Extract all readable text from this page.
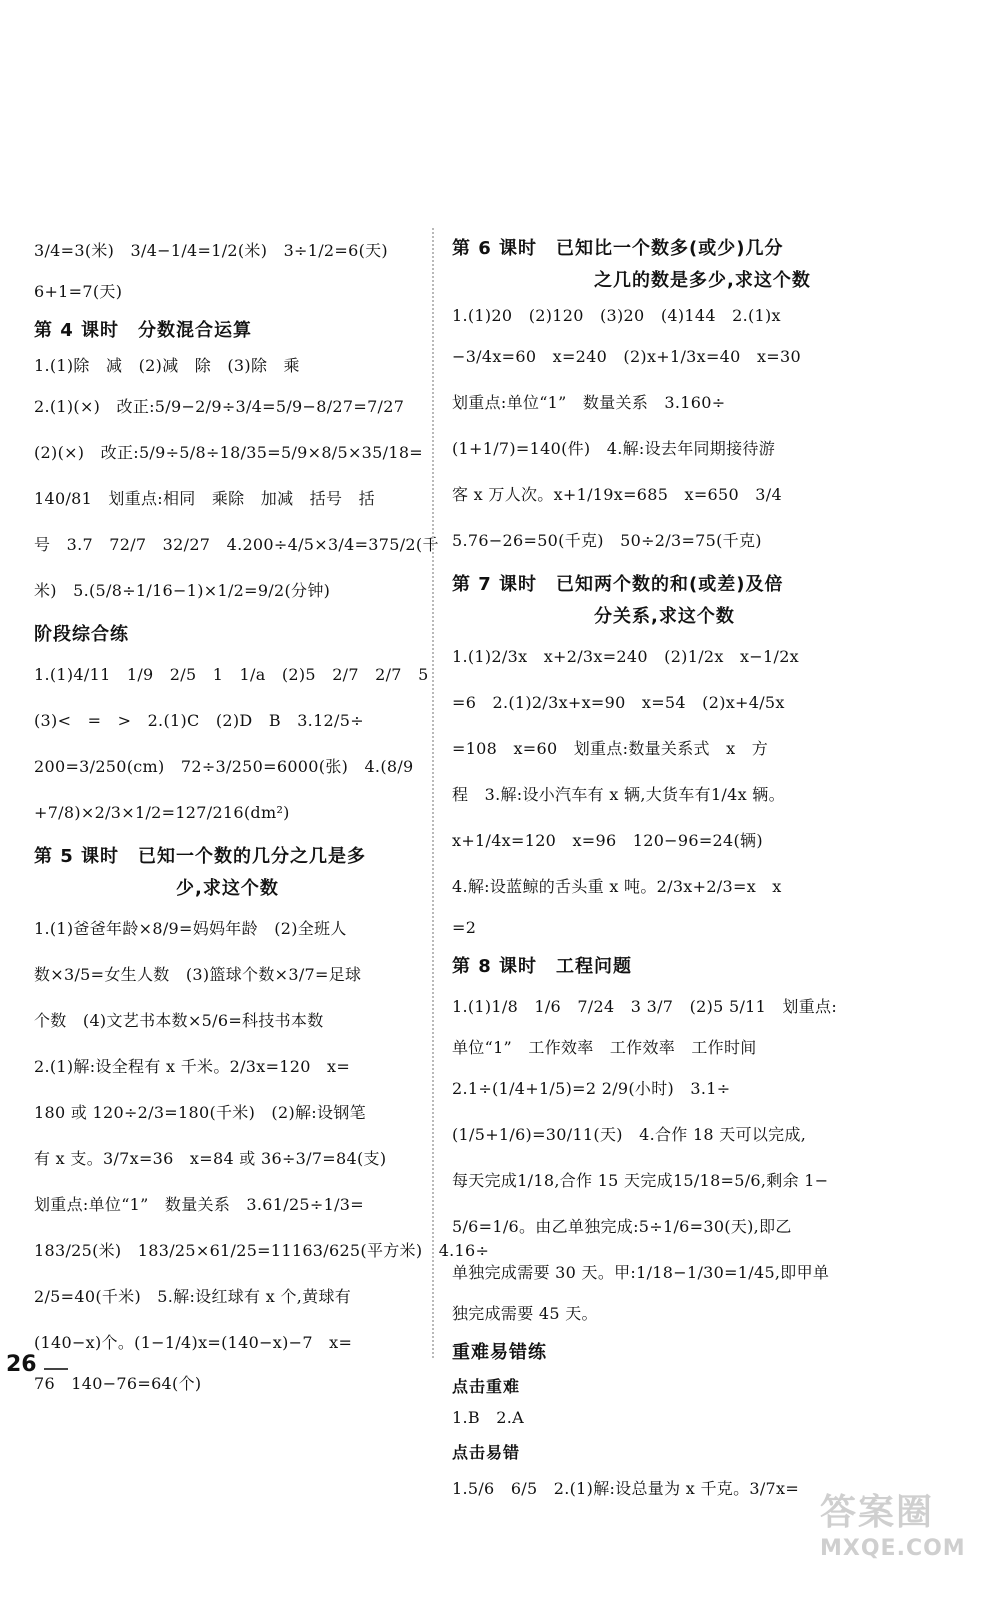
3/4=3(米)　3/4−1/4=1/2(米)　3÷1/2=6(天)
6+1=7(天)
第 4 课时　分数混合运算
1.(1)除　减　(2)减　除　(3)除　乘
2.(1)(×)　改正:5/9−2/9÷3/4=5/9−8/27=7/27
(2)(×)　改正:5/9÷5/8÷18/35=5/9×8/5×35/18=
140/81　划重点:相同　乘除　加减　括号　括
号　3.7　72/7　32/27　4.200÷4/5×3/4=375/2(千
米)　5.(5/8÷1/16−1)×1/2=9/2(分钟)
阶段综合练
1.(1)4/11　1/9　2/5　1　1/a　(2)5　2/7　2/7　5
(3)<　=　>　2.(1)C　(2)D　B　3.12/5÷
200=3/250(cm)　72÷3/250=6000(张)　4.(8/9
+7/8)×2/3×1/2=127/216(dm²)
第 5 课时　已知一个数的几分之几是多
少,求这个数
1.(1)爸爸年龄×8/9=妈妈年龄　(2)全班人
数×3/5=女生人数　(3)篮球个数×3/7=足球
个数　(4)文艺书本数×5/6=科技书本数
2.(1)解:设全程有 x 千米。2/3x=120　x=
180 或 120÷2/3=180(千米)　(2)解:设钢笔
有 x 支。3/7x=36　x=84 或 36÷3/7=84(支)
划重点:单位“1”　数量关系　3.61/25÷1/3=
183/25(米)　183/25×61/25=11163/625(平方米)　4.16÷
2/5=40(千米)　5.解:设红球有 x 个,黄球有
(140−x)个。(1−1/4)x=(140−x)−7　x=
76　140−76=64(个)
第 6 课时　已知比一个数多(或少)几分
之几的数是多少,求这个数
1.(1)20　(2)120　(3)20　(4)144　2.(1)x
−3/4x=60　x=240　(2)x+1/3x=40　x=30
划重点:单位“1”　数量关系　3.160÷
(1+1/7)=140(件)　4.解:设去年同期接待游
客 x 万人次。x+1/19x=685　x=650　3/4
5.76−26=50(千克)　50÷2/3=75(千克)
第 7 课时　已知两个数的和(或差)及倍
分关系,求这个数
1.(1)2/3x　x+2/3x=240　(2)1/2x　x−1/2x
=6　2.(1)2/3x+x=90　x=54　(2)x+4/5x
=108　x=60　划重点:数量关系式　x　方
程　3.解:设小汽车有 x 辆,大货车有1/4x 辆。
x+1/4x=120　x=96　120−96=24(辆)
4.解:设蓝鲸的舌头重 x 吨。2/3x+2/3=x　x
=2
第 8 课时　工程问题
1.(1)1/8　1/6　7/24　3 3/7　(2)5 5/11　划重点:
单位“1”　工作效率　工作效率　工作时间
2.1÷(1/4+1/5)=2 2/9(小时)　3.1÷
(1/5+1/6)=30/11(天)　4.合作 18 天可以完成,
每天完成1/18,合作 15 天完成15/18=5/6,剩余 1−
5/6=1/6。由乙单独完成:5÷1/6=30(天),即乙
单独完成需要 30 天。甲:1/18−1/30=1/45,即甲单
独完成需要 45 天。
重难易错练
点击重难
1.B　2.A
点击易错
1.5/6　6/5　2.(1)解:设总量为 x 千克。3/7x=
26
答案圈
MXQE.COM
